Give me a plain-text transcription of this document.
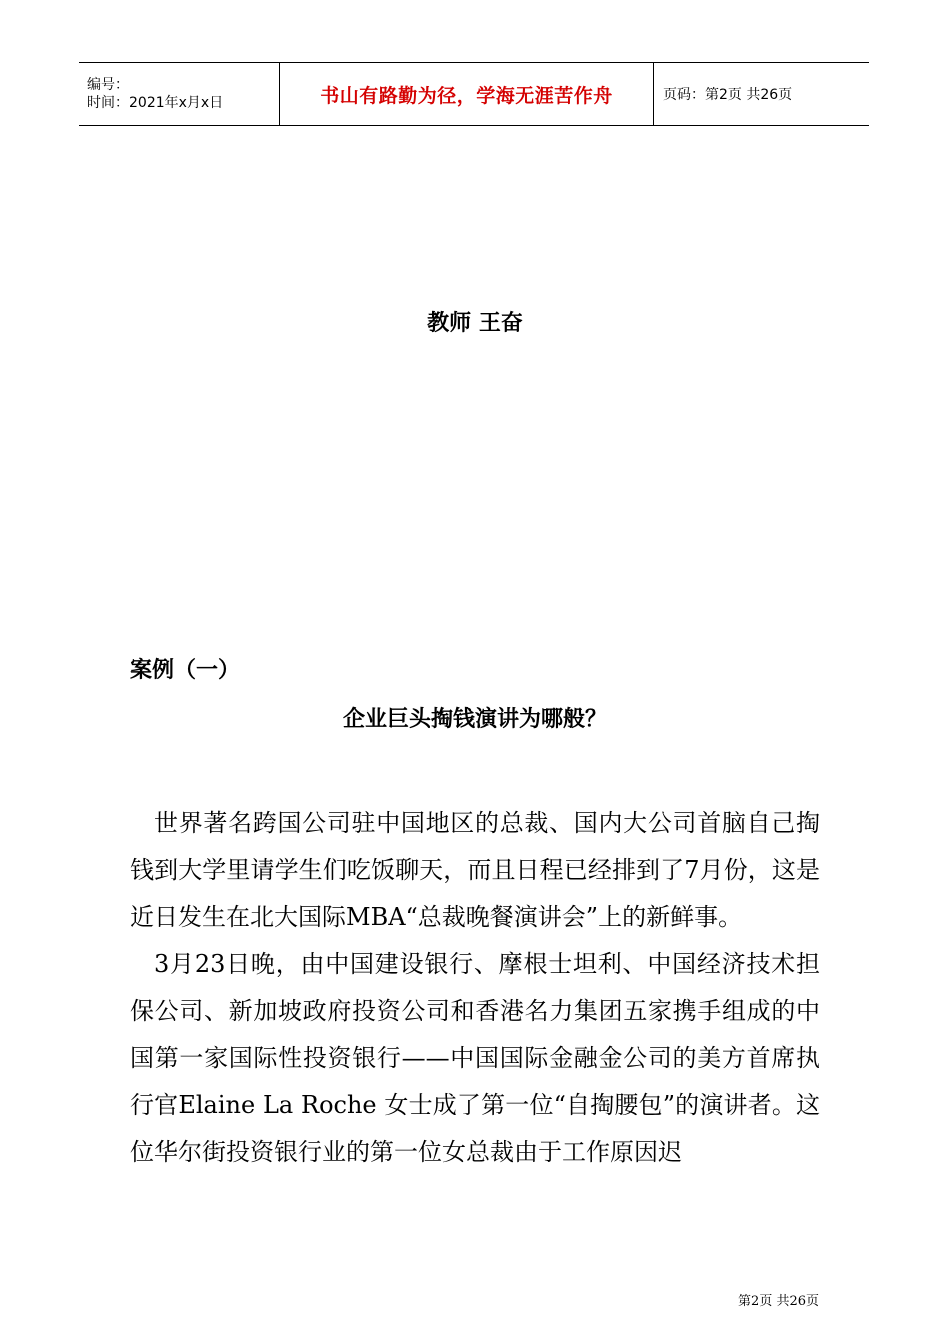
编号：
时间：2021年x月x日	书山有路勤为径，学海无涯苦作舟	页码：第2页 共26页
教师 王奋
案例（一）
企业巨头掏钱演讲为哪般？

世界著名跨国公司驻中国地区的总裁、国内大公司首脑自己掏钱到大学里请学生们吃饭聊天，而且日程已经排到了7月份，这是近日发生在北大国际MBA“总裁晚餐演讲会”上的新鲜事。

3月23日晚，由中国建设银行、摩根士坦利、中国经济技术担保公司、新加坡政府投资公司和香港名力集团五家携手组成的中国第一家国际性投资银行——中国国际金融金公司的美方首席执行官Elaine La Roche 女士成了第一位“自掏腰包”的演讲者。这位华尔街投资银行业的第一位女总裁由于工作原因迟

第2页 共26页
